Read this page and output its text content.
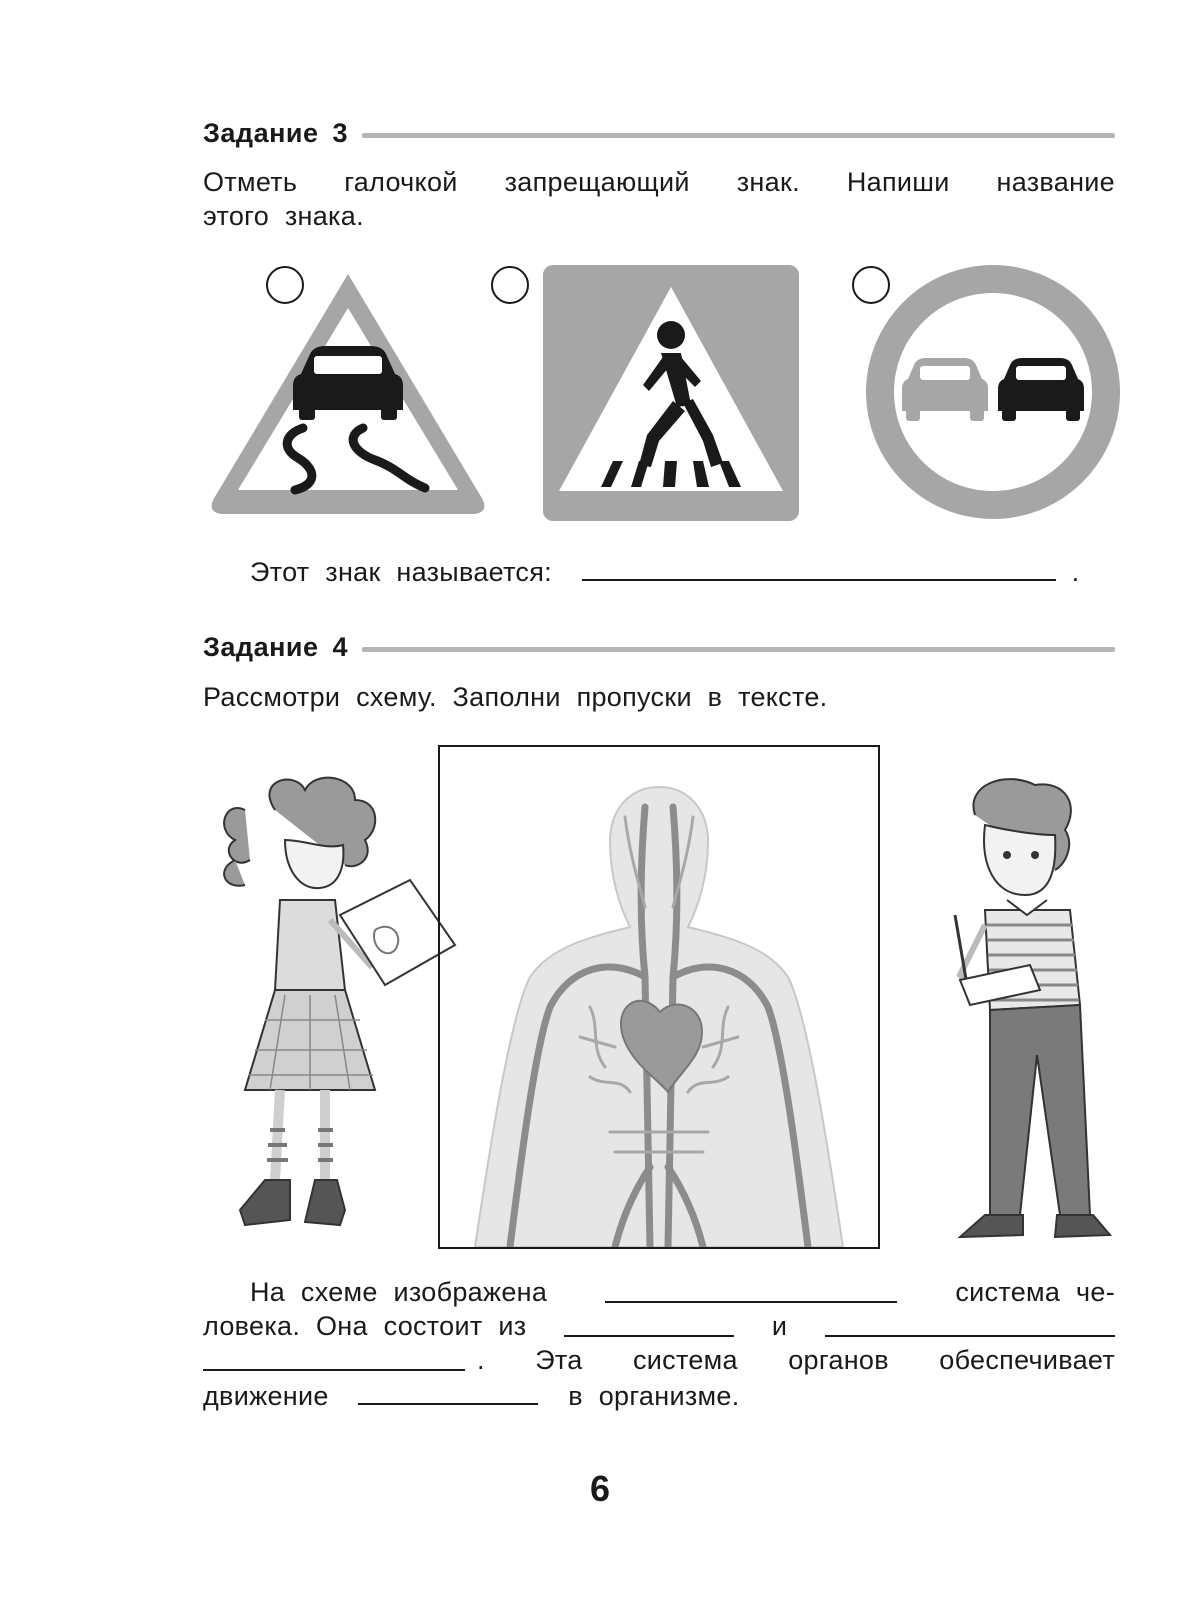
Задание 3
Отметь галочкой запрещающий знак. Напиши название
этого знака.
Этот знак называется:	.
Задание 4
Рассмотри схему. Заполни пропуски в тексте.
На схеме изображена	система че-
ловека. Она состоит из	и
. Эта система органов обеспечивает
движение	в организме.
6
